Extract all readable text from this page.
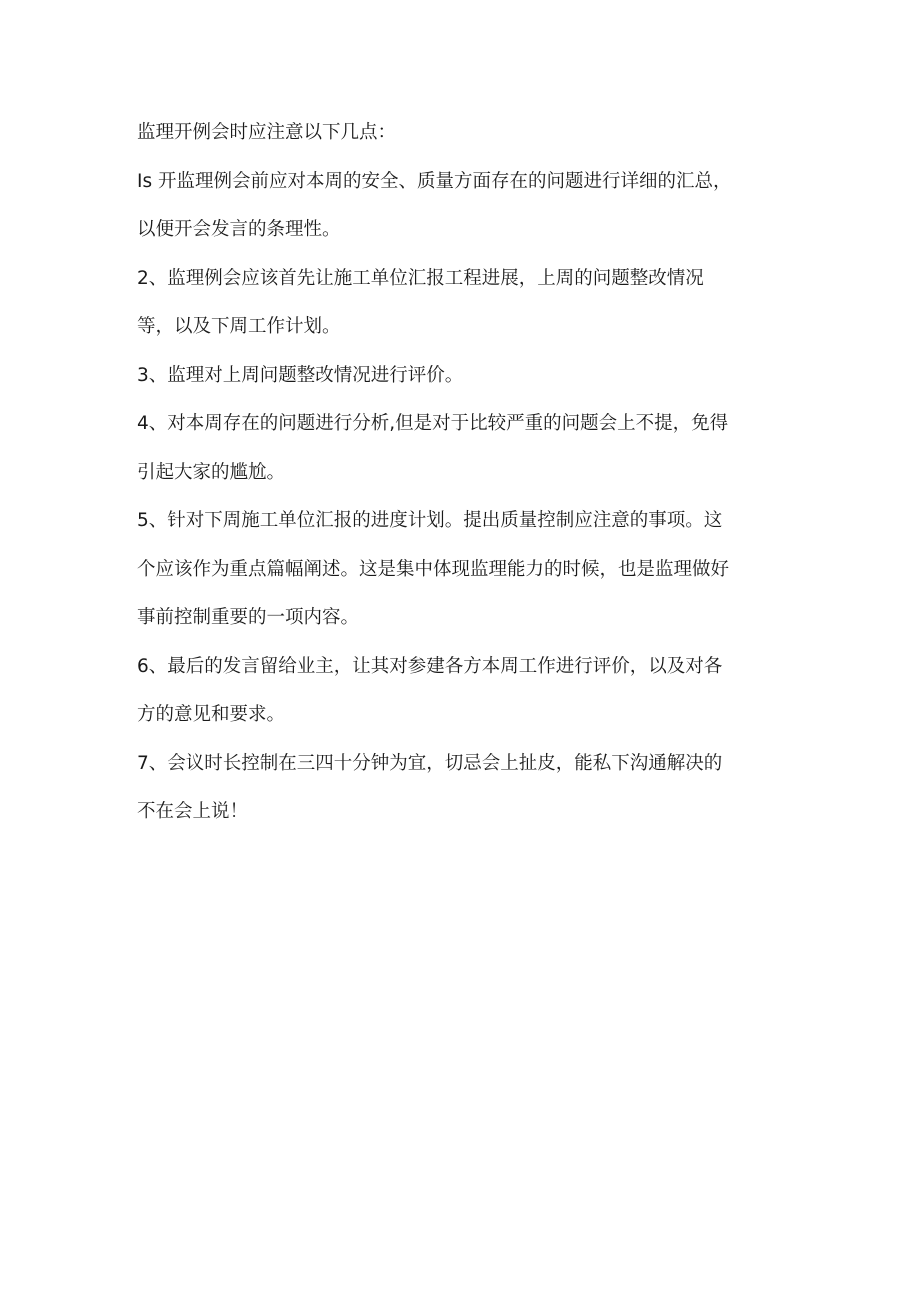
监理开例会时应注意以下几点：
Is 开监理例会前应对本周的安全、质量方面存在的问题进行详细的汇总，
以便开会发言的条理性。
2、监理例会应该首先让施工单位汇报工程进展，上周的问题整改情况
等，以及下周工作计划。
3、监理对上周问题整改情况进行评价。
4、对本周存在的问题进行分析,但是对于比较严重的问题会上不提，免得
引起大家的尴尬。
5、针对下周施工单位汇报的进度计划。提出质量控制应注意的事项。这
个应该作为重点篇幅阐述。这是集中体现监理能力的时候，也是监理做好
事前控制重要的一项内容。
6、最后的发言留给业主，让其对参建各方本周工作进行评价，以及对各
方的意见和要求。
7、会议时长控制在三四十分钟为宜，切忌会上扯皮，能私下沟通解决的
不在会上说！
